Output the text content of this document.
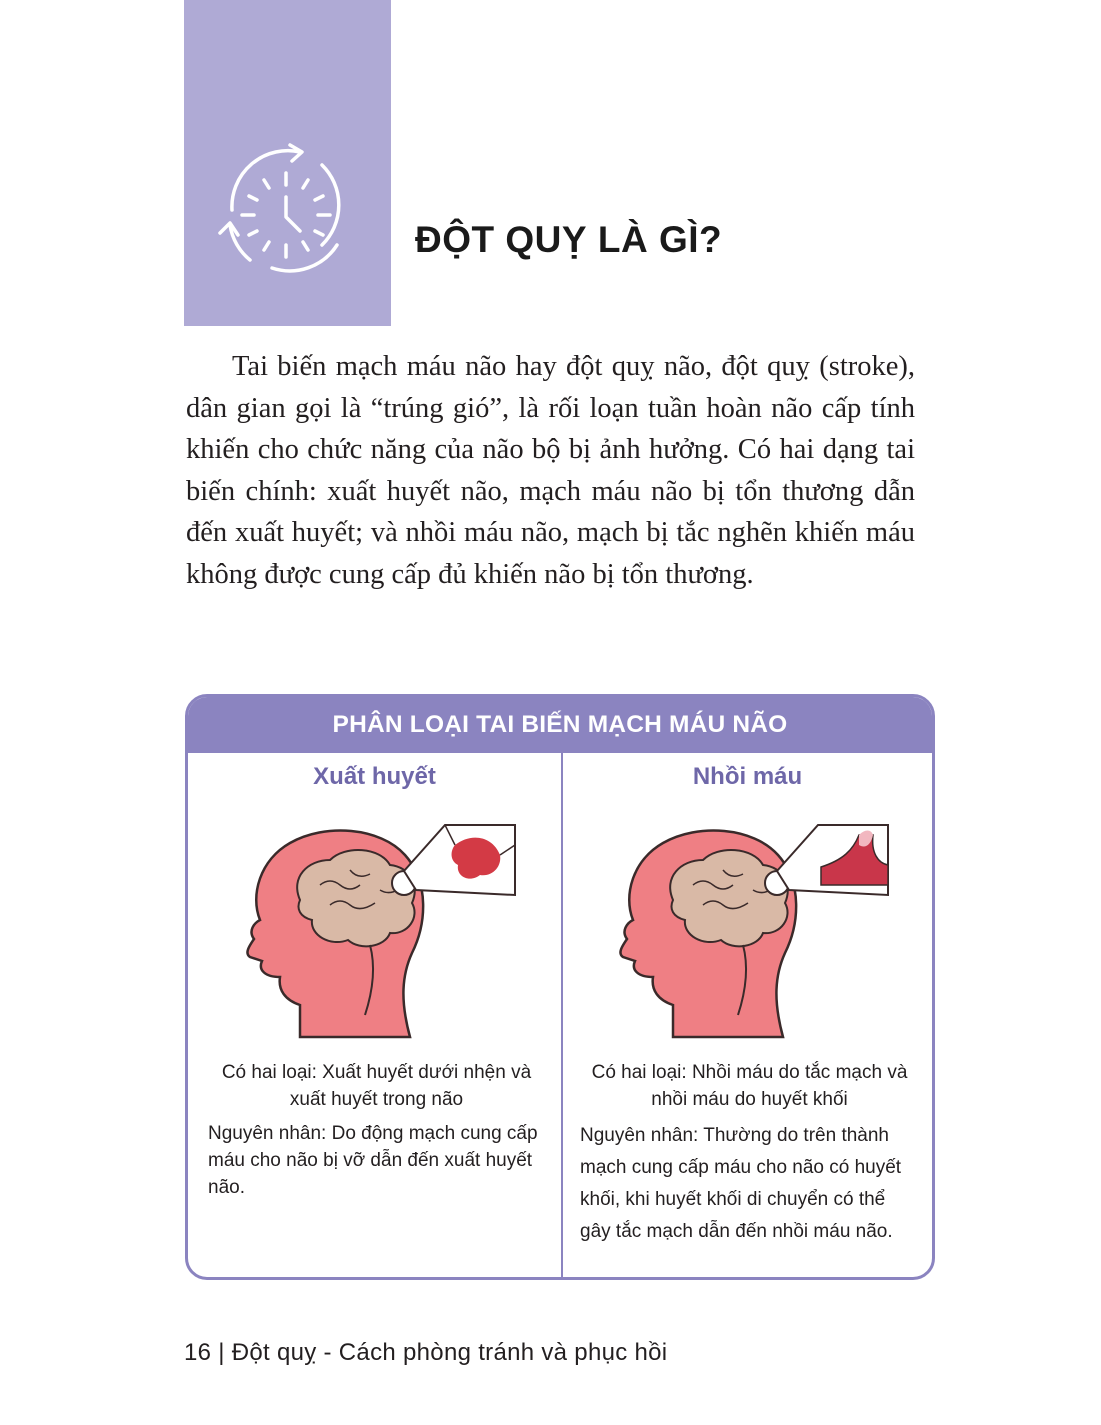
ĐỘT QUỴ LÀ GÌ?

Tai biến mạch máu não hay đột quỵ não, đột quỵ (stroke), dân gian gọi là “trúng gió”, là rối loạn tuần hoàn não cấp tính khiến cho chức năng của não bộ bị ảnh hưởng. Có hai dạng tai biến chính: xuất huyết não, mạch máu não bị tổn thương dẫn đến xuất huyết; và nhồi máu não, mạch bị tắc nghẽn khiến máu không được cung cấp đủ khiến não bị tổn thương.

PHÂN LOẠI TAI BIẾN MẠCH MÁU NÃO
Xuất huyết
Có hai loại: Xuất huyết dưới nhện và xuất huyết trong não
Nguyên nhân: Do động mạch cung cấp máu cho não bị vỡ dẫn đến xuất huyết não.
Nhồi máu
Có hai loại: Nhồi máu do tắc mạch và nhồi máu do huyết khối
Nguyên nhân: Thường do trên thành mạch cung cấp máu cho não có huyết khối, khi huyết khối di chuyển có thể gây tắc mạch dẫn đến nhồi máu não.
16 | Đột quỵ - Cách phòng tránh và phục hồi
